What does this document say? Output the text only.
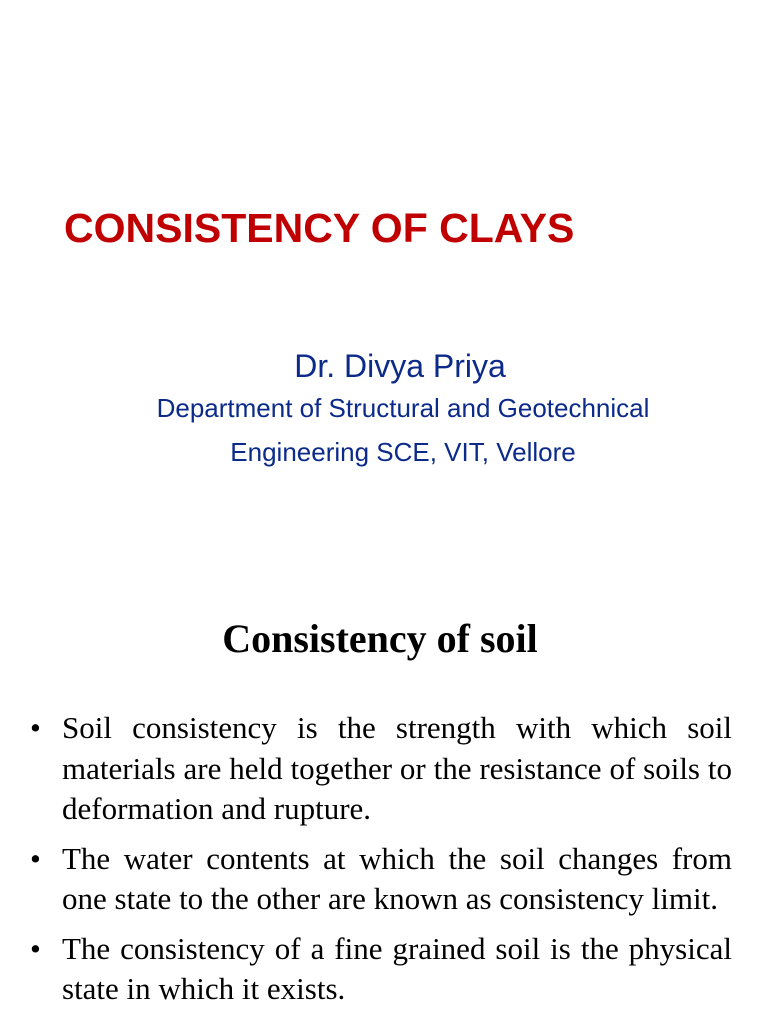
CONSISTENCY OF CLAYS
Dr. Divya Priya
Department of Structural and Geotechnical
Engineering SCE, VIT, Vellore
Consistency of soil
• Soil consistency is the strength with which soil materials are held together or the resistance of soils to deformation and rupture.
• The water contents at which the soil changes from one state to the other are known as consistency limit.
• The consistency of a fine grained soil is the physical state in which it exists.
